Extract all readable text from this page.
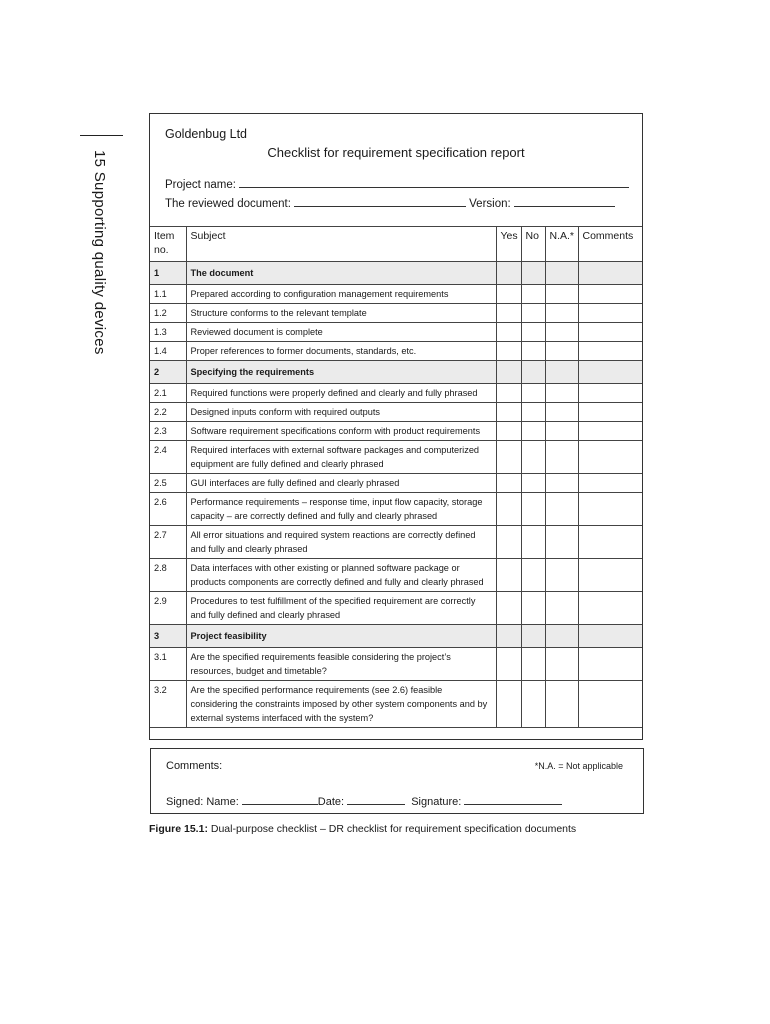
15 Supporting quality devices
Goldenbug Ltd
Checklist for requirement specification report
Project name:
The reviewed document:	Version:
Item no.	Subject	Yes	No	N.A.*	Comments
1	The document				
1.1	Prepared according to configuration management requirements				
1.2	Structure conforms to the relevant template				
1.3	Reviewed document is complete				
1.4	Proper references to former documents, standards, etc.				
2	Specifying the requirements				
2.1	Required functions were properly defined and clearly and fully phrased				
2.2	Designed inputs conform with required outputs				
2.3	Software requirement specifications conform with product requirements				
2.4	Required interfaces with external software packages and computerized equipment are fully defined and clearly phrased				
2.5	GUI interfaces are fully defined and clearly phrased				
2.6	Performance requirements – response time, input flow capacity, storage capacity – are correctly defined and fully and clearly phrased				
2.7	All error situations and required system reactions are correctly defined and fully and clearly phrased				
2.8	Data interfaces with other existing or planned software package or products components are correctly defined and fully and clearly phrased				
2.9	Procedures to test fulfillment of the specified requirement are correctly and fully defined and clearly phrased				
3	Project feasibility				
3.1	Are the specified requirements feasible considering the project’s resources, budget and timetable?				
3.2	Are the specified performance requirements (see 2.6) feasible considering the constraints imposed by other system components and by external systems interfaced with the system?				
Comments:	*N.A. = Not applicable
Signed: Name:	Date:	Signature:
Figure 15.1: Dual-purpose checklist – DR checklist for requirement specification documents
